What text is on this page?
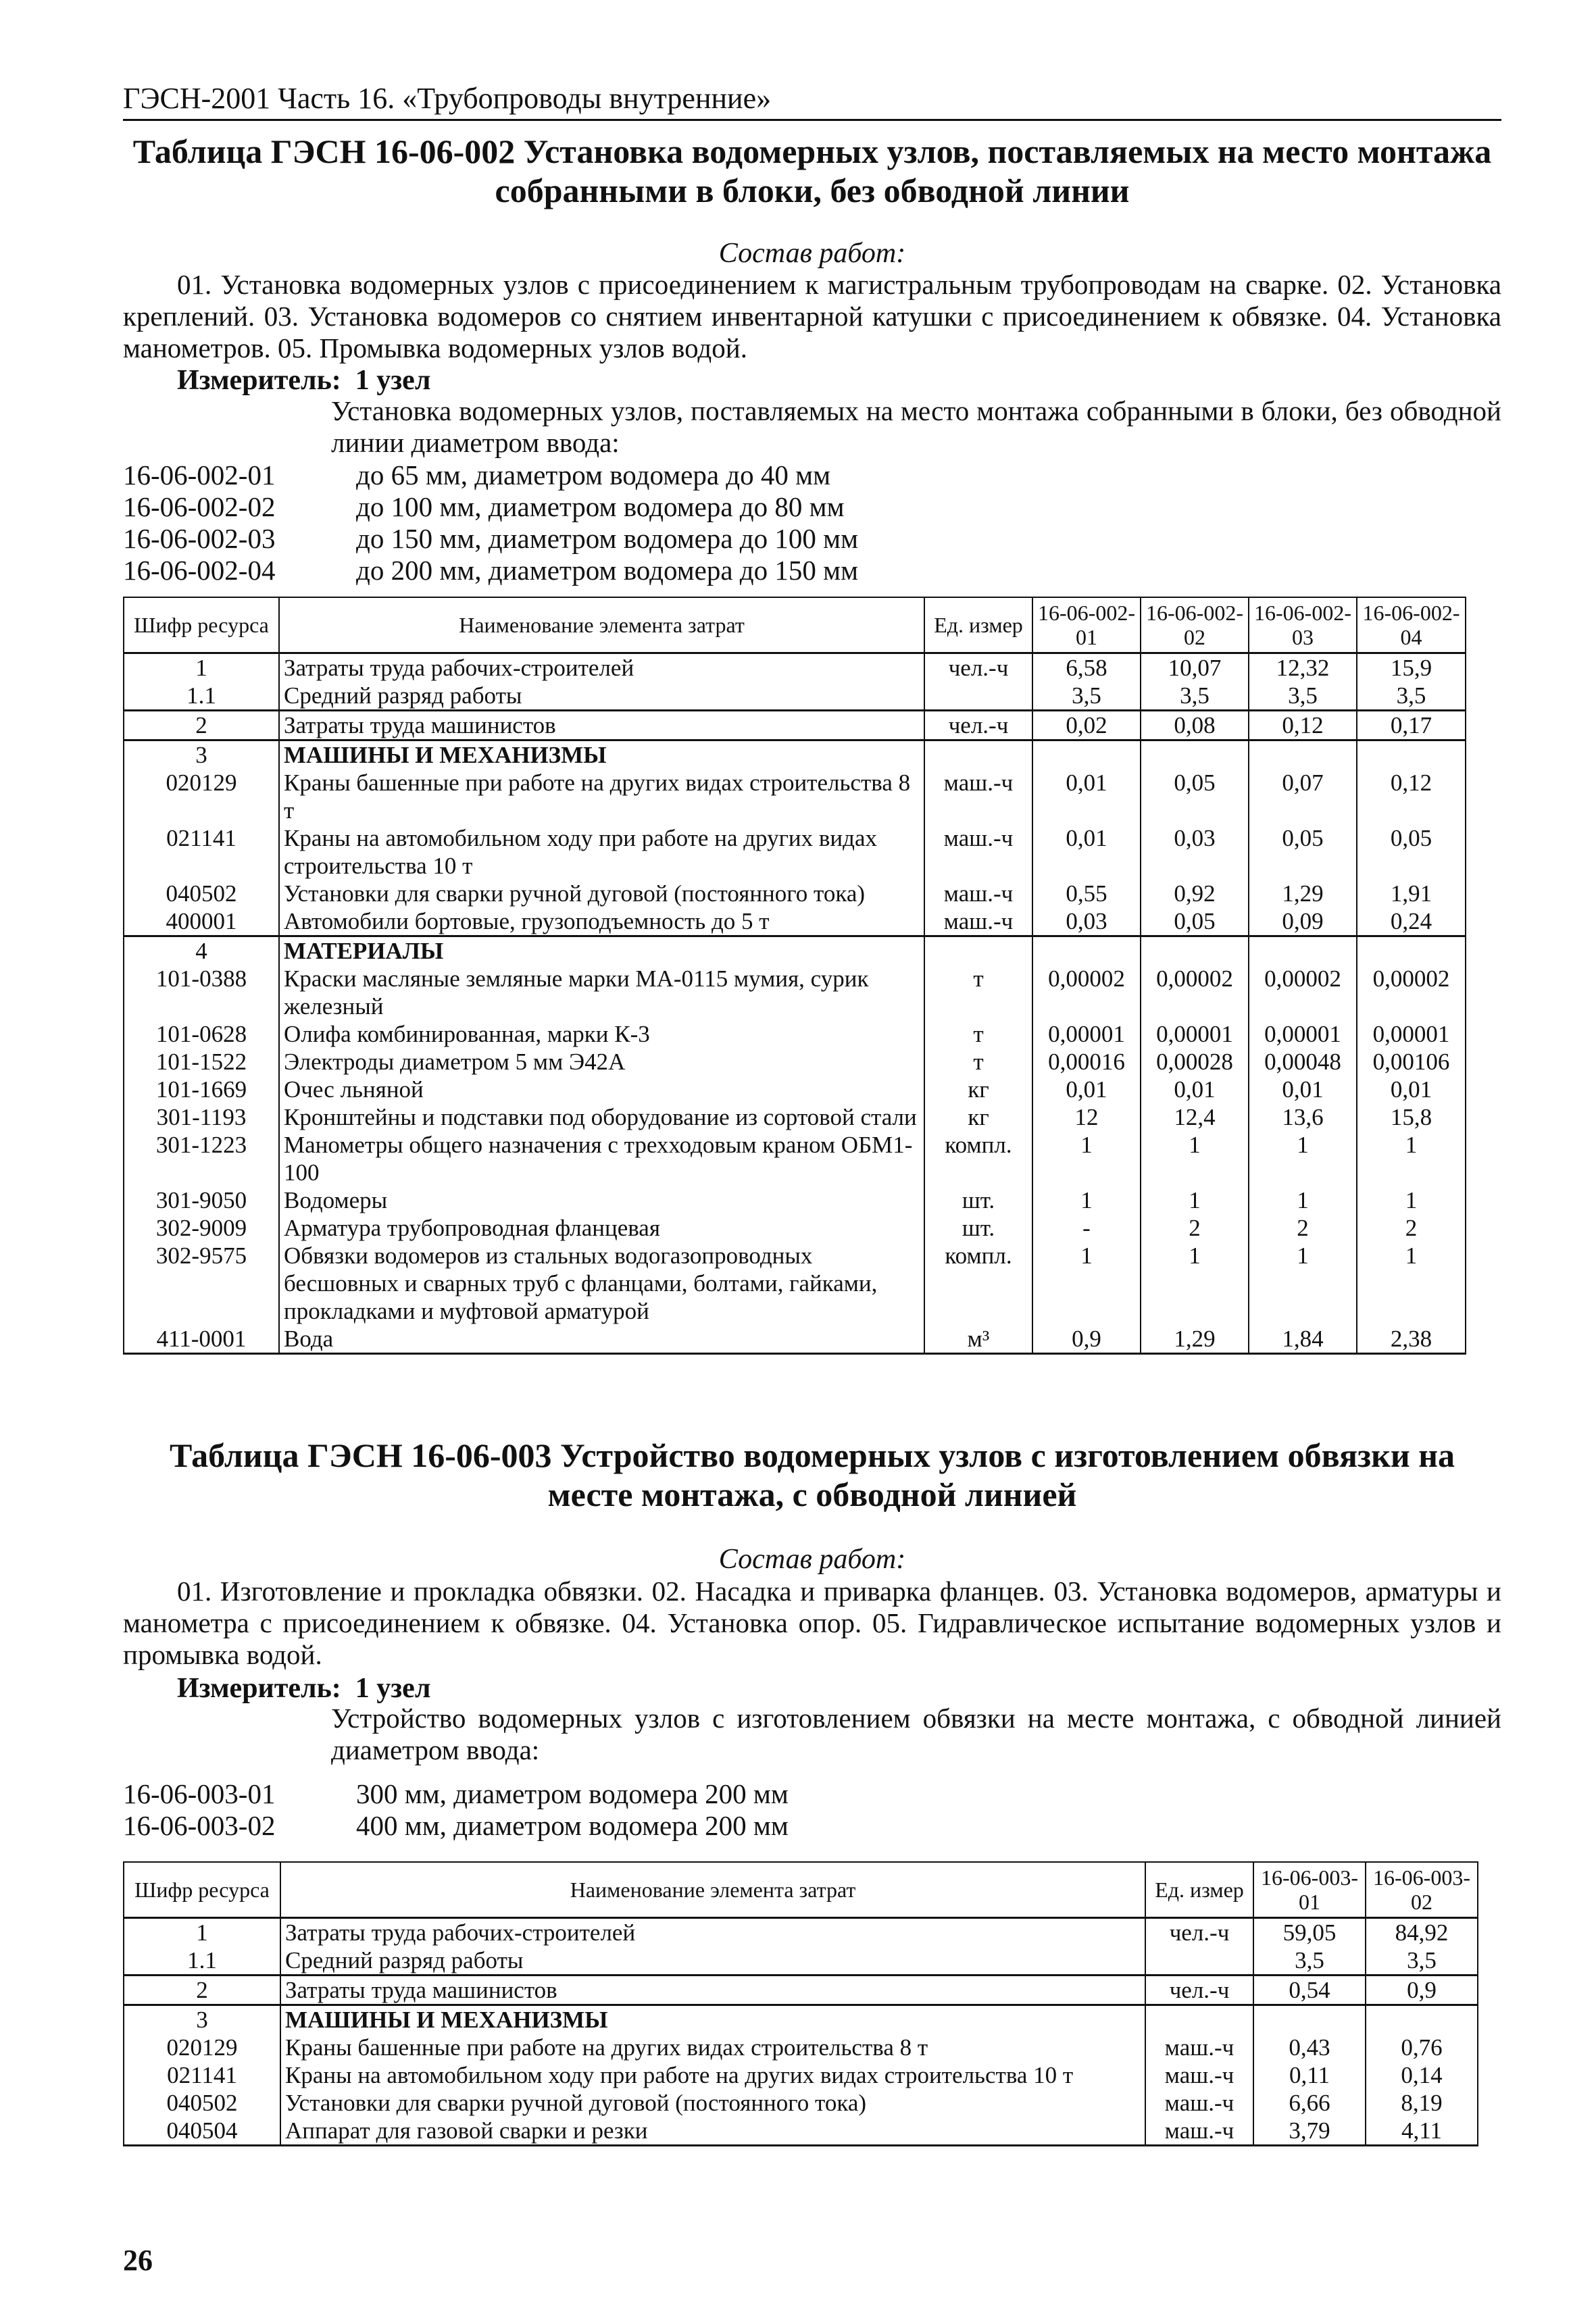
ГЭСН-2001 Часть 16. «Трубопроводы внутренние»
Таблица ГЭСН 16-06-002 Установка водомерных узлов, поставляемых на место монтажа собранными в блоки, без обводной линии
Состав работ:
01. Установка водомерных узлов с присоединением к магистральным трубопроводам на сварке. 02. Установка креплений. 03. Установка водомеров со снятием инвентарной катушки с присоединением к обвязке. 04. Установка манометров. 05. Промывка водомерных узлов водой.
Измеритель: 1 узел
Установка водомерных узлов, поставляемых на место монтажа собранными в блоки, без обводной линии диаметром ввода:
16-06-002-01	до 65 мм, диаметром водомера до 40 мм
16-06-002-02	до 100 мм, диаметром водомера до 80 мм
16-06-002-03	до 150 мм, диаметром водомера до 100 мм
16-06-002-04	до 200 мм, диаметром водомера до 150 мм
Шифр ресурса	Наименование элемента затрат	Ед. измер	16-06-002-01	16-06-002-02	16-06-002-03	16-06-002-04
1	Затраты труда рабочих-строителей	чел.-ч	6,58	10,07	12,32	15,9
1.1	Средний разряд работы		3,5	3,5	3,5	3,5
2	Затраты труда машинистов	чел.-ч	0,02	0,08	0,12	0,17
3	МАШИНЫ И МЕХАНИЗМЫ					
020129	Краны башенные при работе на других видах строительства 8 т	маш.-ч	0,01	0,05	0,07	0,12
021141	Краны на автомобильном ходу при работе на других видах строительства 10 т	маш.-ч	0,01	0,03	0,05	0,05
040502	Установки для сварки ручной дуговой (постоянного тока)	маш.-ч	0,55	0,92	1,29	1,91
400001	Автомобили бортовые, грузоподъемность до 5 т	маш.-ч	0,03	0,05	0,09	0,24
4	МАТЕРИАЛЫ					
101-0388	Краски масляные земляные марки МА-0115 мумия, сурик железный	т	0,00002	0,00002	0,00002	0,00002
101-0628	Олифа комбинированная, марки К-3	т	0,00001	0,00001	0,00001	0,00001
101-1522	Электроды диаметром 5 мм Э42А	т	0,00016	0,00028	0,00048	0,00106
101-1669	Очес льняной	кг	0,01	0,01	0,01	0,01
301-1193	Кронштейны и подставки под оборудование из сортовой стали	кг	12	12,4	13,6	15,8
301-1223	Манометры общего назначения с трехходовым краном ОБМ1-100	компл.	1	1	1	1
301-9050	Водомеры	шт.	1	1	1	1
302-9009	Арматура трубопроводная фланцевая	шт.	-	2	2	2
302-9575	Обвязки водомеров из стальных водогазопроводных бесшовных и сварных труб с фланцами, болтами, гайками, прокладками и муфтовой арматурой	компл.	1	1	1	1
411-0001	Вода	м³	0,9	1,29	1,84	2,38
Таблица ГЭСН 16-06-003 Устройство водомерных узлов с изготовлением обвязки на месте монтажа, с обводной линией
Состав работ:
01. Изготовление и прокладка обвязки. 02. Насадка и приварка фланцев. 03. Установка водомеров, арматуры и манометра с присоединением к обвязке. 04. Установка опор. 05. Гидравлическое испытание водомерных узлов и промывка водой.
Измеритель: 1 узел
Устройство водомерных узлов с изготовлением обвязки на месте монтажа, с обводной линией диаметром ввода:
16-06-003-01	300 мм, диаметром водомера 200 мм
16-06-003-02	400 мм, диаметром водомера 200 мм
Шифр ресурса	Наименование элемента затрат	Ед. измер	16-06-003-01	16-06-003-02
1	Затраты труда рабочих-строителей	чел.-ч	59,05	84,92
1.1	Средний разряд работы		3,5	3,5
2	Затраты труда машинистов	чел.-ч	0,54	0,9
3	МАШИНЫ И МЕХАНИЗМЫ			
020129	Краны башенные при работе на других видах строительства 8 т	маш.-ч	0,43	0,76
021141	Краны на автомобильном ходу при работе на других видах строительства 10 т	маш.-ч	0,11	0,14
040502	Установки для сварки ручной дуговой (постоянного тока)	маш.-ч	6,66	8,19
040504	Аппарат для газовой сварки и резки	маш.-ч	3,79	4,11
26
